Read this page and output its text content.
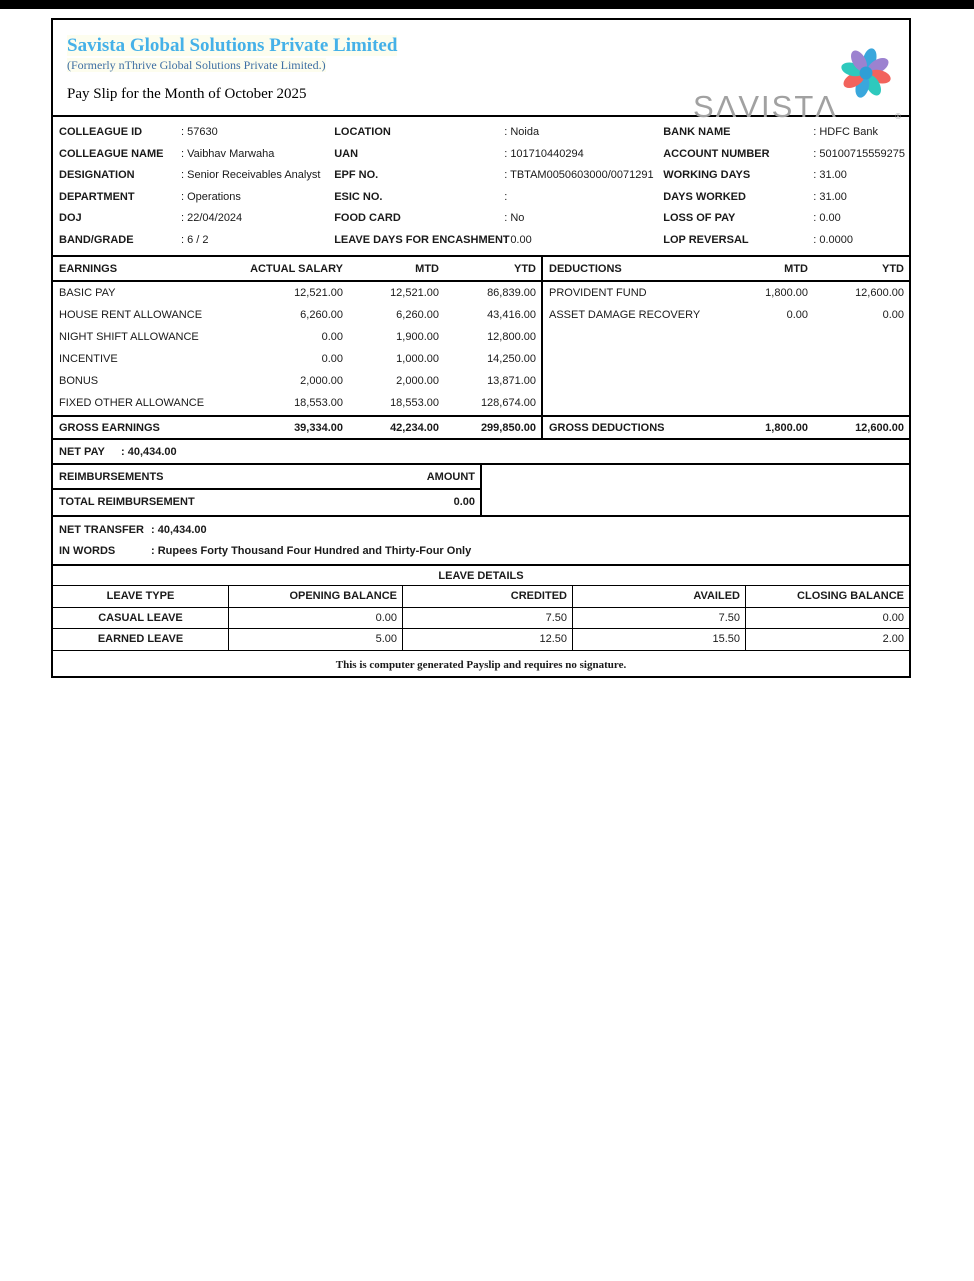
Savista Global Solutions Private Limited
(Formerly nThrive Global Solutions Private Limited.)
Pay Slip for the Month of October 2025	SΛVISTΛ	®
COLLEAGUE ID	: 57630
COLLEAGUE NAME : Vaibhav Marwaha
DESIGNATION	: Senior Receivables Analyst
DEPARTMENT	: Operations
DOJ	: 22/04/2024
BAND/GRADE	: 6 / 2
LOCATION	: Noida
UAN	: 101710440294
EPF NO.	: TBTAM0050603000/0071291
ESIC NO.	:
FOOD CARD	: No
LEAVE DAYS FOR ENCASHMENT: 0.00
BANK NAME	: HDFC Bank
ACCOUNT NUMBER	: 50100715559275
WORKING DAYS	: 31.00
DAYS WORKED	: 31.00
LOSS OF PAY	: 0.00
LOP REVERSAL	: 0.0000
EARNINGS	ACTUAL SALARY	MTD	YTD
BASIC PAY	12,521.00	12,521.00	86,839.00
HOUSE RENT ALLOWANCE	6,260.00	6,260.00	43,416.00
NIGHT SHIFT ALLOWANCE	0.00	1,900.00	12,800.00
INCENTIVE	0.00	1,000.00	14,250.00
BONUS	2,000.00	2,000.00	13,871.00
FIXED OTHER ALLOWANCE	18,553.00	18,553.00	128,674.00
GROSS EARNINGS	39,334.00	42,234.00	299,850.00
DEDUCTIONS	MTD	YTD
PROVIDENT FUND	1,800.00	12,600.00
ASSET DAMAGE RECOVERY	0.00	0.00
GROSS DEDUCTIONS	1,800.00	12,600.00
NET PAY : 40,434.00
REIMBURSEMENTS	AMOUNT
TOTAL REIMBURSEMENT	0.00
NET TRANSFER : 40,434.00
IN WORDS	: Rupees Forty Thousand Four Hundred and Thirty-Four Only
LEAVE DETAILS
LEAVE TYPE	OPENING BALANCE	CREDITED	AVAILED	CLOSING BALANCE
CASUAL LEAVE	0.00	7.50	7.50	0.00
EARNED LEAVE	5.00	12.50	15.50	2.00
This is computer generated Payslip and requires no signature.
